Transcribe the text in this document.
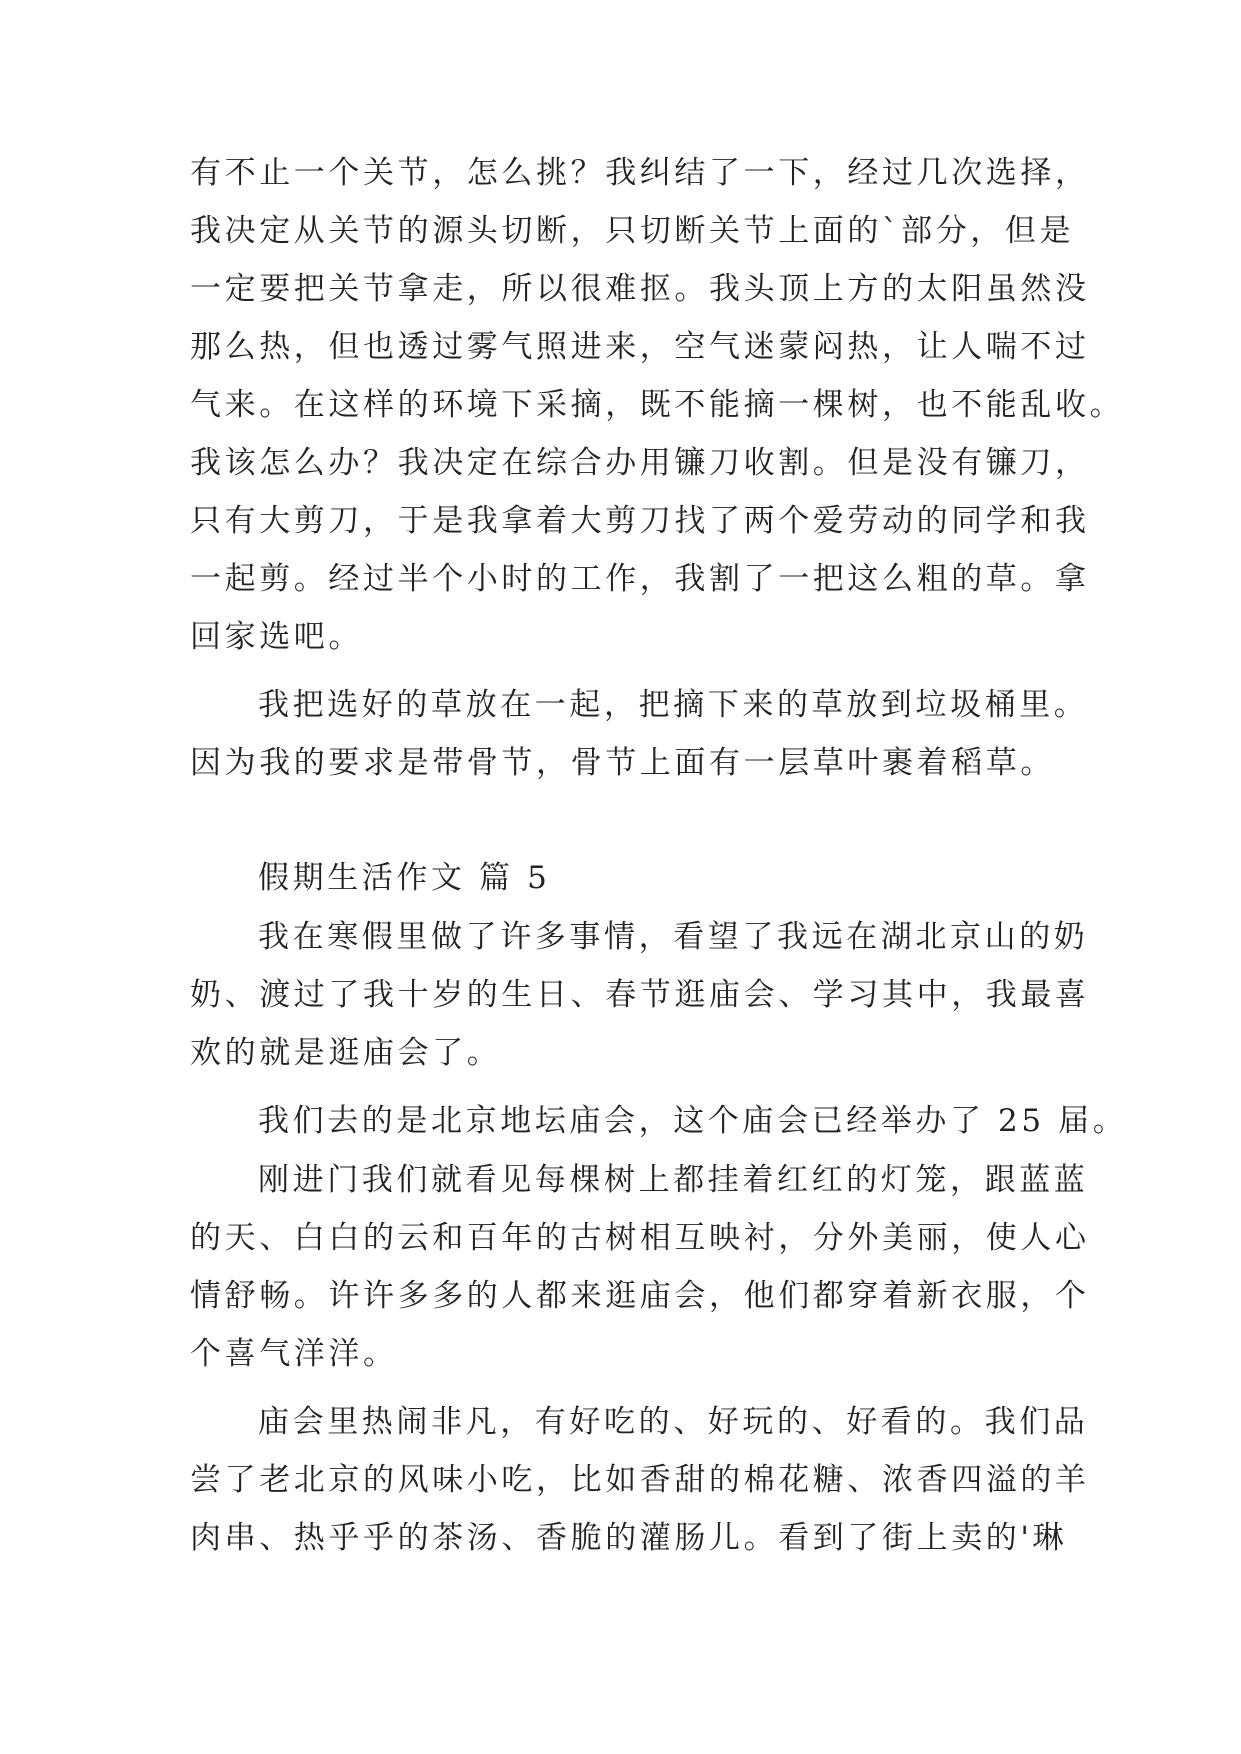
有不止一个关节，怎么挑？我纠结了一下，经过几次选择，
我决定从关节的源头切断，只切断关节上面的`部分，但是
一定要把关节拿走，所以很难抠。我头顶上方的太阳虽然没
那么热，但也透过雾气照进来，空气迷蒙闷热，让人喘不过
气来。在这样的环境下采摘，既不能摘一棵树，也不能乱收。
我该怎么办？我决定在综合办用镰刀收割。但是没有镰刀，
只有大剪刀，于是我拿着大剪刀找了两个爱劳动的同学和我
一起剪。经过半个小时的工作，我割了一把这么粗的草。拿
回家选吧。
我把选好的草放在一起，把摘下来的草放到垃圾桶里。
因为我的要求是带骨节，骨节上面有一层草叶裹着稻草。
假期生活作文 篇 5
我在寒假里做了许多事情，看望了我远在湖北京山的奶
奶、渡过了我十岁的生日、春节逛庙会、学习其中，我最喜
欢的就是逛庙会了。
我们去的是北京地坛庙会，这个庙会已经举办了 25 届。
刚进门我们就看见每棵树上都挂着红红的灯笼，跟蓝蓝
的天、白白的云和百年的古树相互映衬，分外美丽，使人心
情舒畅。许许多多的人都来逛庙会，他们都穿着新衣服，个
个喜气洋洋。
庙会里热闹非凡，有好吃的、好玩的、好看的。我们品
尝了老北京的风味小吃，比如香甜的棉花糖、浓香四溢的羊
肉串、热乎乎的茶汤、香脆的灌肠儿。看到了街上卖的'琳
